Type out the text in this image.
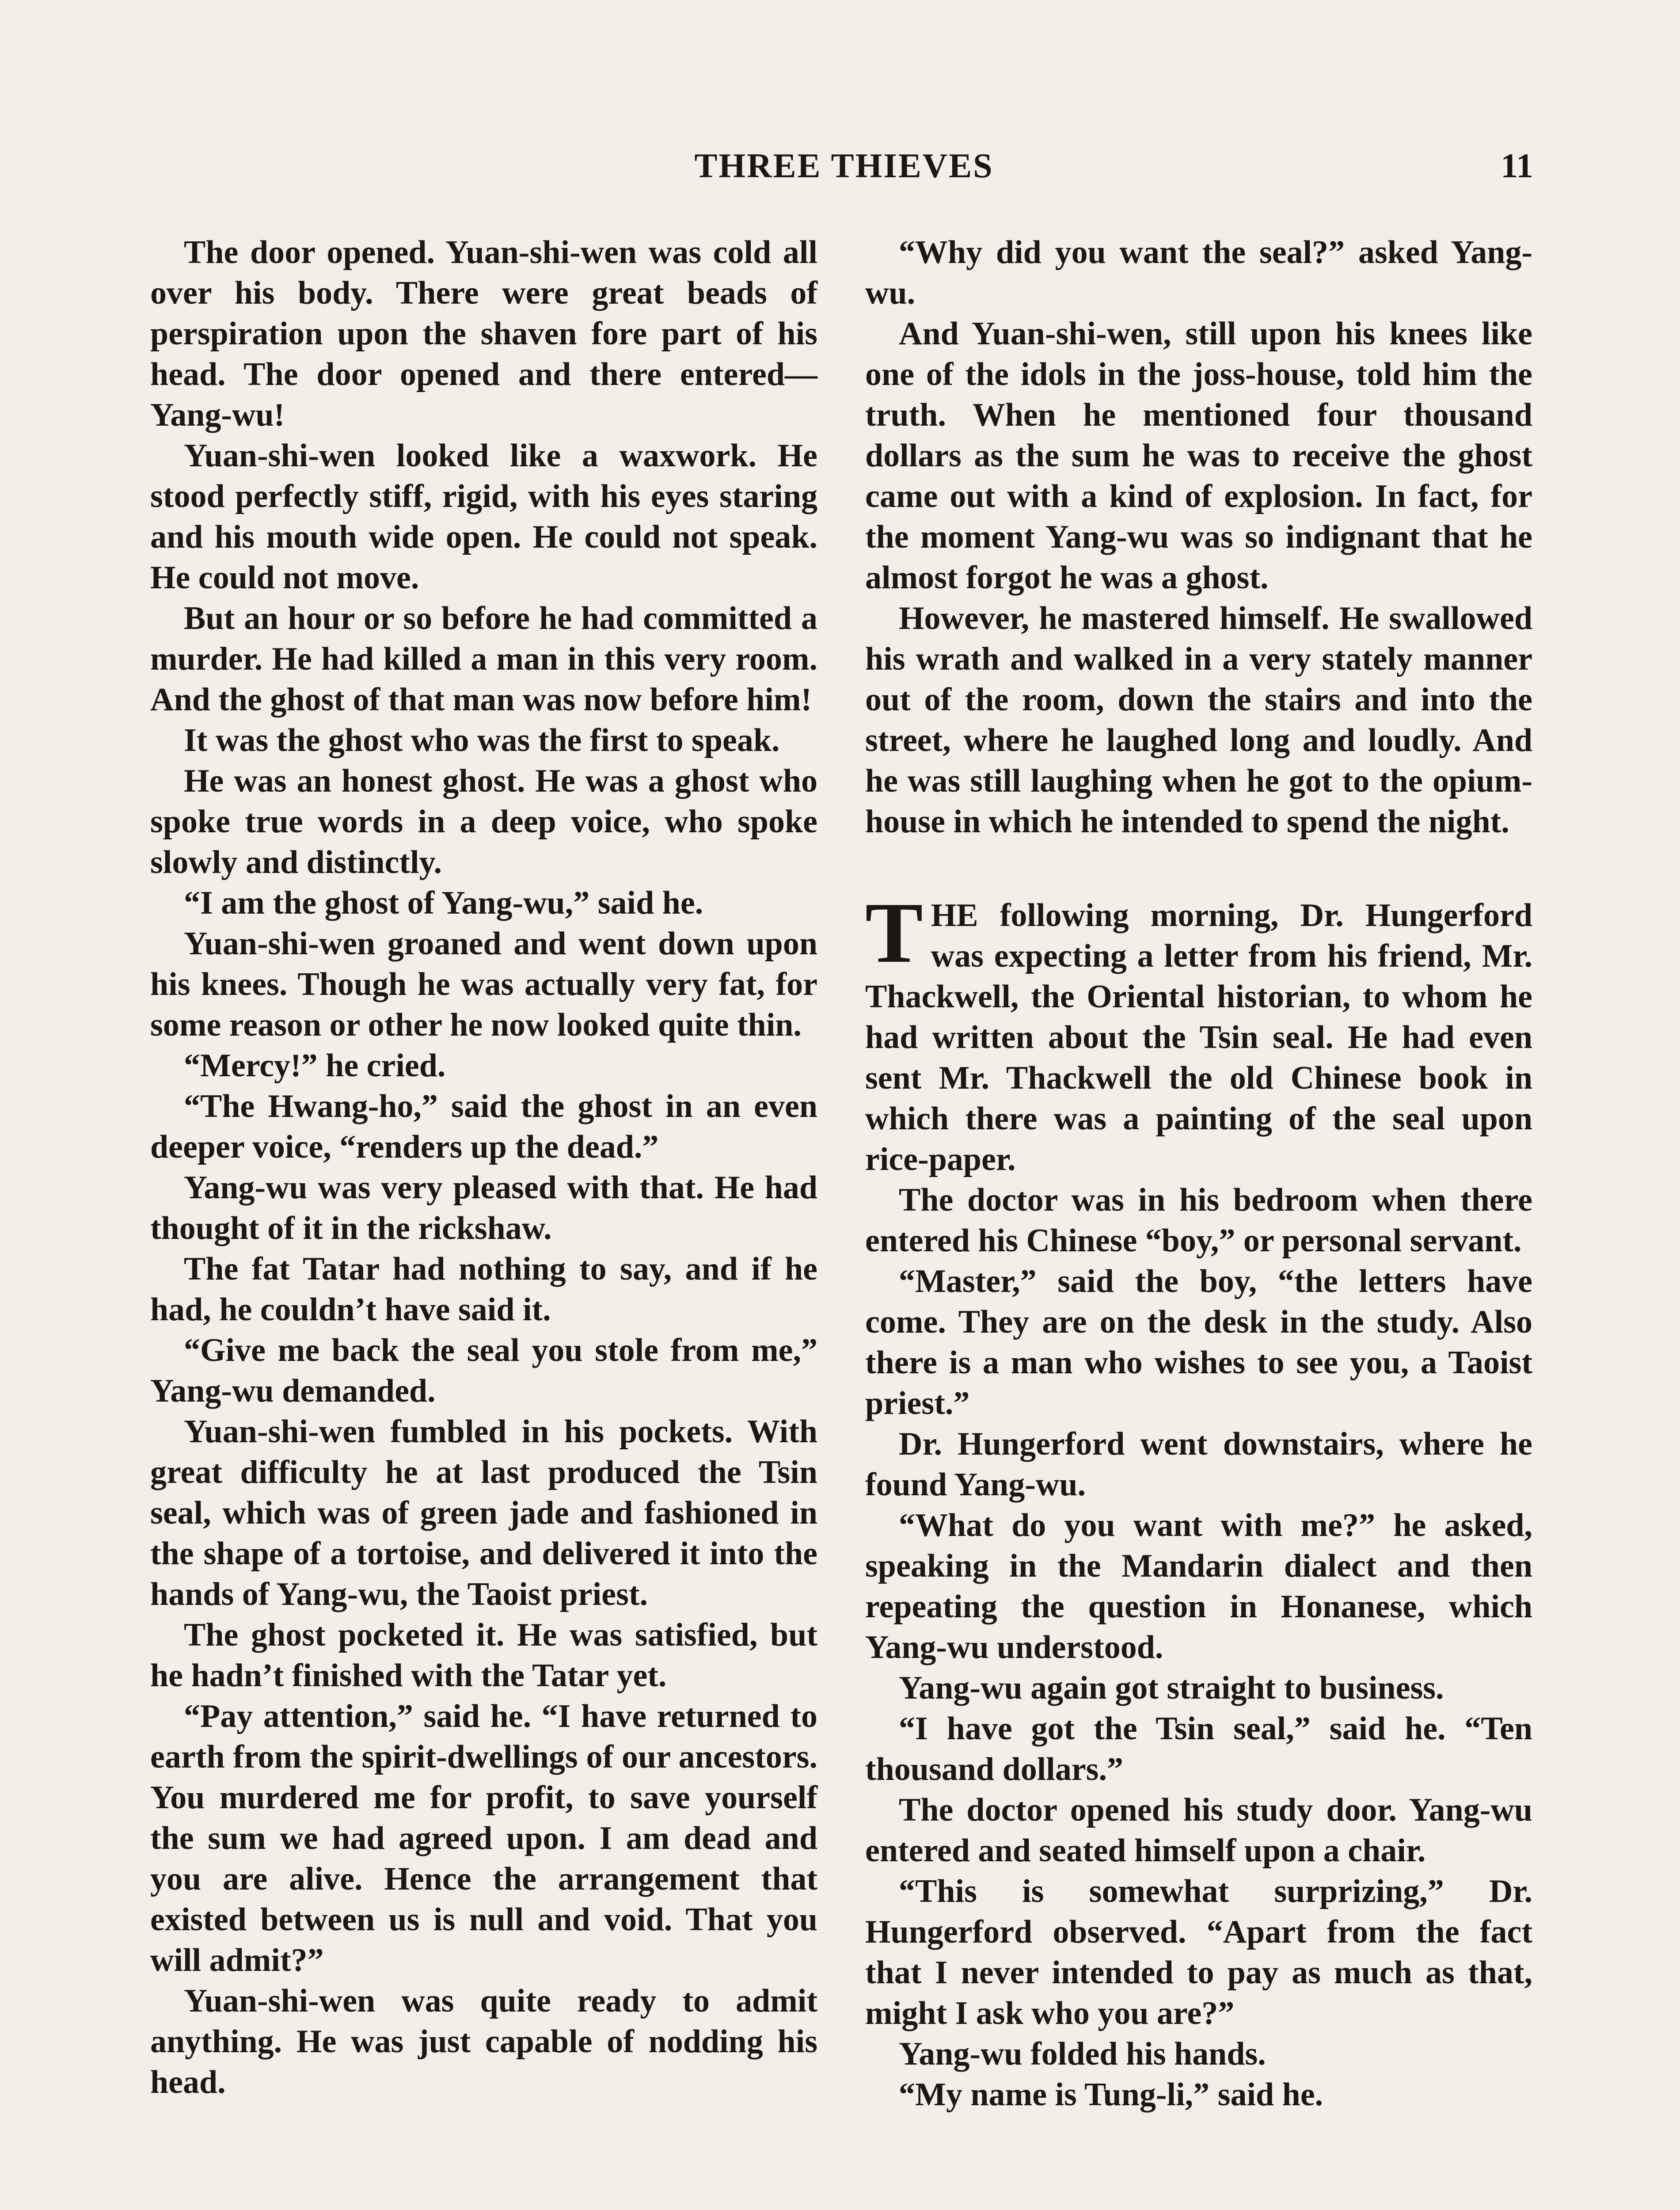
THREE THIEVES	11

The door opened. Yuan-shi-wen was cold all over his body. There were great beads of perspiration upon the shaven fore part of his head. The door opened and there entered—Yang-wu!

Yuan-shi-wen looked like a waxwork. He stood perfectly stiff, rigid, with his eyes staring and his mouth wide open. He could not speak. He could not move.

But an hour or so before he had committed a murder. He had killed a man in this very room. And the ghost of that man was now before him!

It was the ghost who was the first to speak.

He was an honest ghost. He was a ghost who spoke true words in a deep voice, who spoke slowly and distinctly.

“I am the ghost of Yang-wu,” said he.

Yuan-shi-wen groaned and went down upon his knees. Though he was actually very fat, for some reason or other he now looked quite thin.

“Mercy!” he cried.

“The Hwang-ho,” said the ghost in an even deeper voice, “renders up the dead.”

Yang-wu was very pleased with that. He had thought of it in the rickshaw.

The fat Tatar had nothing to say, and if he had, he couldn’t have said it.

“Give me back the seal you stole from me,” Yang-wu demanded.

Yuan-shi-wen fumbled in his pockets. With great difficulty he at last produced the Tsin seal, which was of green jade and fashioned in the shape of a tortoise, and delivered it into the hands of Yang-wu, the Taoist priest.

The ghost pocketed it. He was satisfied, but he hadn’t finished with the Tatar yet.

“Pay attention,” said he. “I have returned to earth from the spirit-dwellings of our ancestors. You murdered me for profit, to save yourself the sum we had agreed upon. I am dead and you are alive. Hence the arrangement that existed between us is null and void. That you will admit?”

Yuan-shi-wen was quite ready to admit anything. He was just capable of nodding his head.

“Why did you want the seal?” asked Yang-wu.

And Yuan-shi-wen, still upon his knees like one of the idols in the joss-house, told him the truth. When he mentioned four thousand dollars as the sum he was to receive the ghost came out with a kind of explosion. In fact, for the moment Yang-wu was so indignant that he almost forgot he was a ghost.

However, he mastered himself. He swallowed his wrath and walked in a very stately manner out of the room, down the stairs and into the street, where he laughed long and loudly. And he was still laughing when he got to the opium-house in which he intended to spend the night.

THE following morning, Dr. Hungerford was expecting a letter from his friend, Mr. Thackwell, the Oriental historian, to whom he had written about the Tsin seal. He had even sent Mr. Thackwell the old Chinese book in which there was a painting of the seal upon rice-paper.

The doctor was in his bedroom when there entered his Chinese “boy,” or personal servant.

“Master,” said the boy, “the letters have come. They are on the desk in the study. Also there is a man who wishes to see you, a Taoist priest.”

Dr. Hungerford went downstairs, where he found Yang-wu.

“What do you want with me?” he asked, speaking in the Mandarin dialect and then repeating the question in Honanese, which Yang-wu understood.

Yang-wu again got straight to business.

“I have got the Tsin seal,” said he. “Ten thousand dollars.”

The doctor opened his study door. Yang-wu entered and seated himself upon a chair.

“This is somewhat surprizing,” Dr. Hungerford observed. “Apart from the fact that I never intended to pay as much as that, might I ask who you are?”

Yang-wu folded his hands.

“My name is Tung-li,” said he.
